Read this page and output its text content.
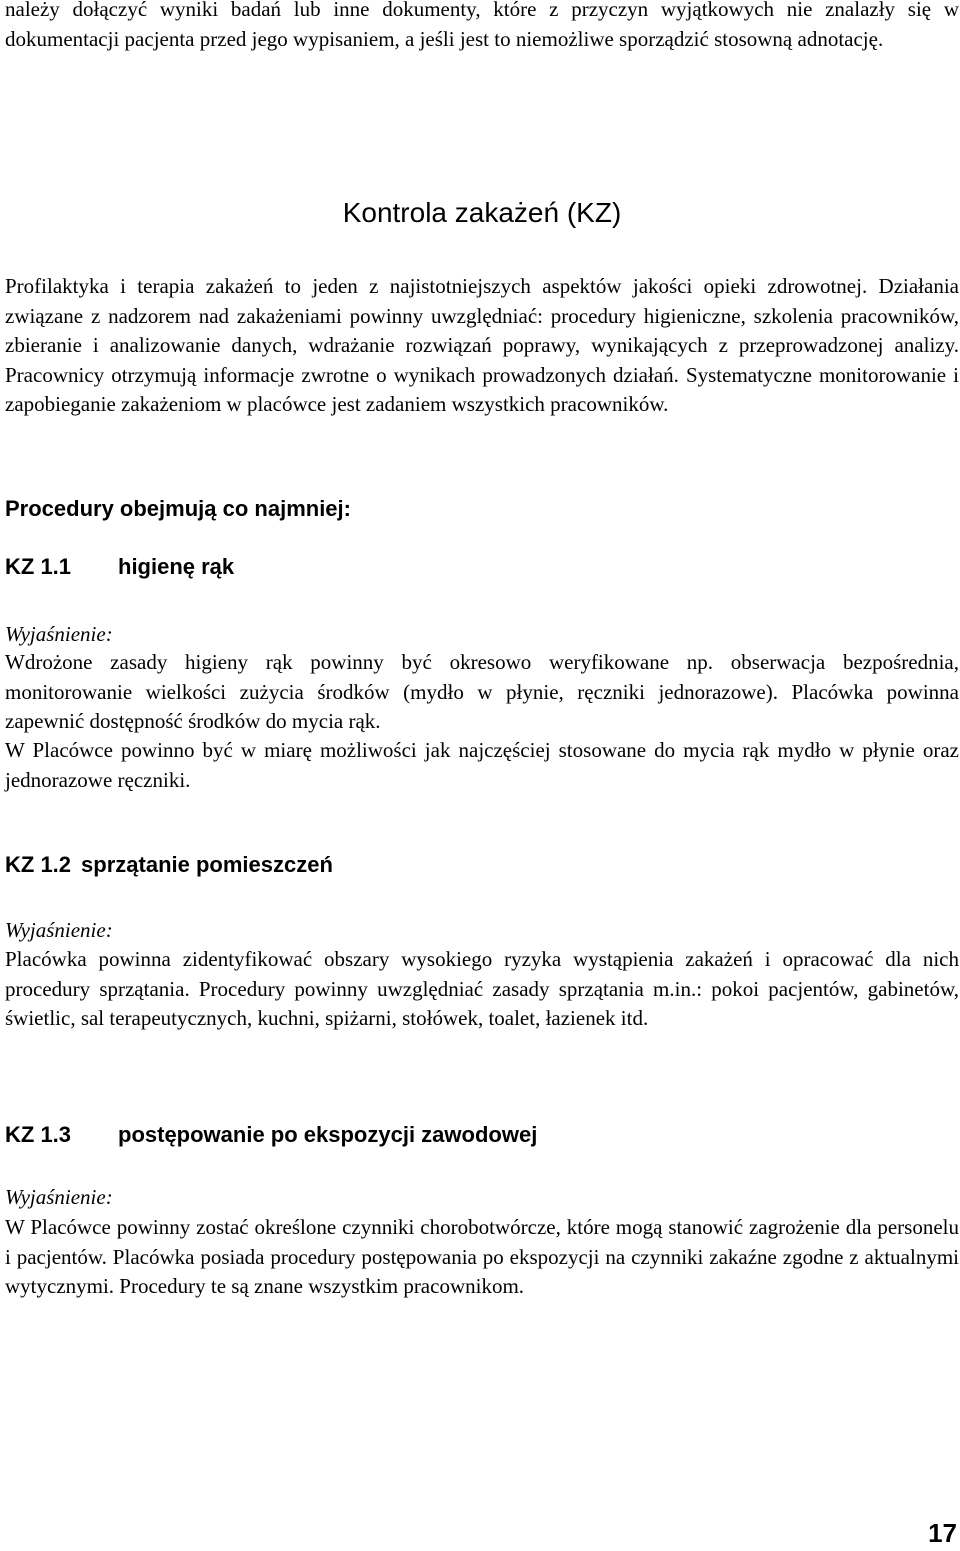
należy dołączyć wyniki badań lub inne dokumenty, które z przyczyn wyjątkowych nie znalazły się w dokumentacji pacjenta przed jego wypisaniem, a jeśli jest to niemożliwe sporządzić stosowną adnotację.

Kontrola zakażeń (KZ)

Profilaktyka i terapia zakażeń to jeden z najistotniejszych aspektów jakości opieki zdrowotnej. Działania związane z nadzorem nad zakażeniami powinny uwzględniać: procedury higieniczne, szkolenia pracowników, zbieranie i analizowanie danych, wdrażanie rozwiązań poprawy, wynikających z przeprowadzonej analizy. Pracownicy otrzymują informacje zwrotne o wynikach prowadzonych działań. Systematyczne monitorowanie i zapobieganie zakażeniom w placówce jest zadaniem wszystkich pracowników.

Procedury obejmują co najmniej:
KZ 1.1 higienę rąk

Wyjaśnienie:

Wdrożone zasady higieny rąk powinny być okresowo weryfikowane np. obserwacja bezpośrednia, monitorowanie wielkości zużycia środków (mydło w płynie, ręczniki jednorazowe). Placówka powinna zapewnić dostępność środków do mycia rąk.

W Placówce powinno być w miarę możliwości jak najczęściej stosowane do mycia rąk mydło w płynie oraz jednorazowe ręczniki.

KZ 1.2 sprzątanie pomieszczeń

Wyjaśnienie:

Placówka powinna zidentyfikować obszary wysokiego ryzyka wystąpienia zakażeń i opracować dla nich procedury sprzątania. Procedury powinny uwzględniać zasady sprzątania m.in.: pokoi pacjentów, gabinetów, świetlic, sal terapeutycznych, kuchni, spiżarni, stołówek, toalet, łazienek itd.

KZ 1.3 postępowanie po ekspozycji zawodowej

Wyjaśnienie:

W Placówce powinny zostać określone czynniki chorobotwórcze, które mogą stanowić zagrożenie dla personelu i pacjentów. Placówka posiada procedury postępowania po ekspozycji na czynniki zakaźne zgodne z aktualnymi wytycznymi. Procedury te są znane wszystkim pracownikom.

17
